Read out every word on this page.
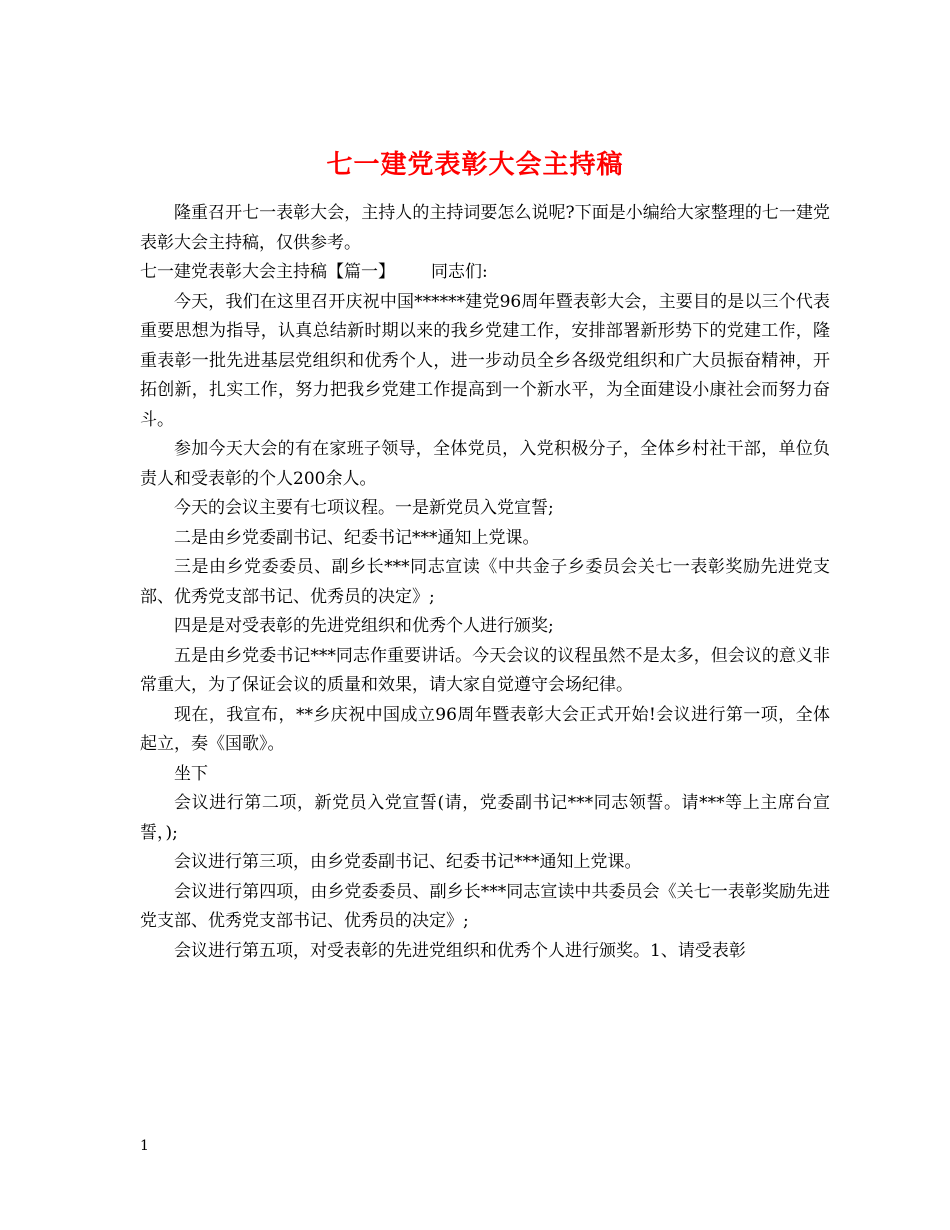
七一建党表彰大会主持稿

隆重召开七一表彰大会，主持人的主持词要怎么说呢?下面是小编给大家整理的七一建党表彰大会主持稿，仅供参考。

七一建党表彰大会主持稿【篇一】 同志们:

今天，我们在这里召开庆祝中国******建党96周年暨表彰大会，主要目的是以三个代表重要思想为指导，认真总结新时期以来的我乡党建工作，安排部署新形势下的党建工作，隆重表彰一批先进基层党组织和优秀个人，进一步动员全乡各级党组织和广大员振奋精神，开拓创新，扎实工作，努力把我乡党建工作提高到一个新水平，为全面建设小康社会而努力奋斗。

参加今天大会的有在家班子领导，全体党员，入党积极分子，全体乡村社干部，单位负责人和受表彰的个人200余人。

今天的会议主要有七项议程。一是新党员入党宣誓;

二是由乡党委副书记、纪委书记***通知上党课。

三是由乡党委委员、副乡长***同志宣读《中共金子乡委员会关七一表彰奖励先进党支部、优秀党支部书记、优秀员的决定》;

四是是对受表彰的先进党组织和优秀个人进行颁奖;

五是由乡党委书记***同志作重要讲话。今天会议的议程虽然不是太多，但会议的意义非常重大，为了保证会议的质量和效果，请大家自觉遵守会场纪律。

现在，我宣布，**乡庆祝中国成立96周年暨表彰大会正式开始!会议进行第一项，全体起立，奏《国歌》。

坐下

会议进行第二项，新党员入党宣誓(请，党委副书记***同志领誓。请***等上主席台宣誓，);

会议进行第三项，由乡党委副书记、纪委书记***通知上党课。

会议进行第四项，由乡党委委员、副乡长***同志宣读中共委员会《关七一表彰奖励先进党支部、优秀党支部书记、优秀员的决定》;

会议进行第五项，对受表彰的先进党组织和优秀个人进行颁奖。1、请受表彰

1
